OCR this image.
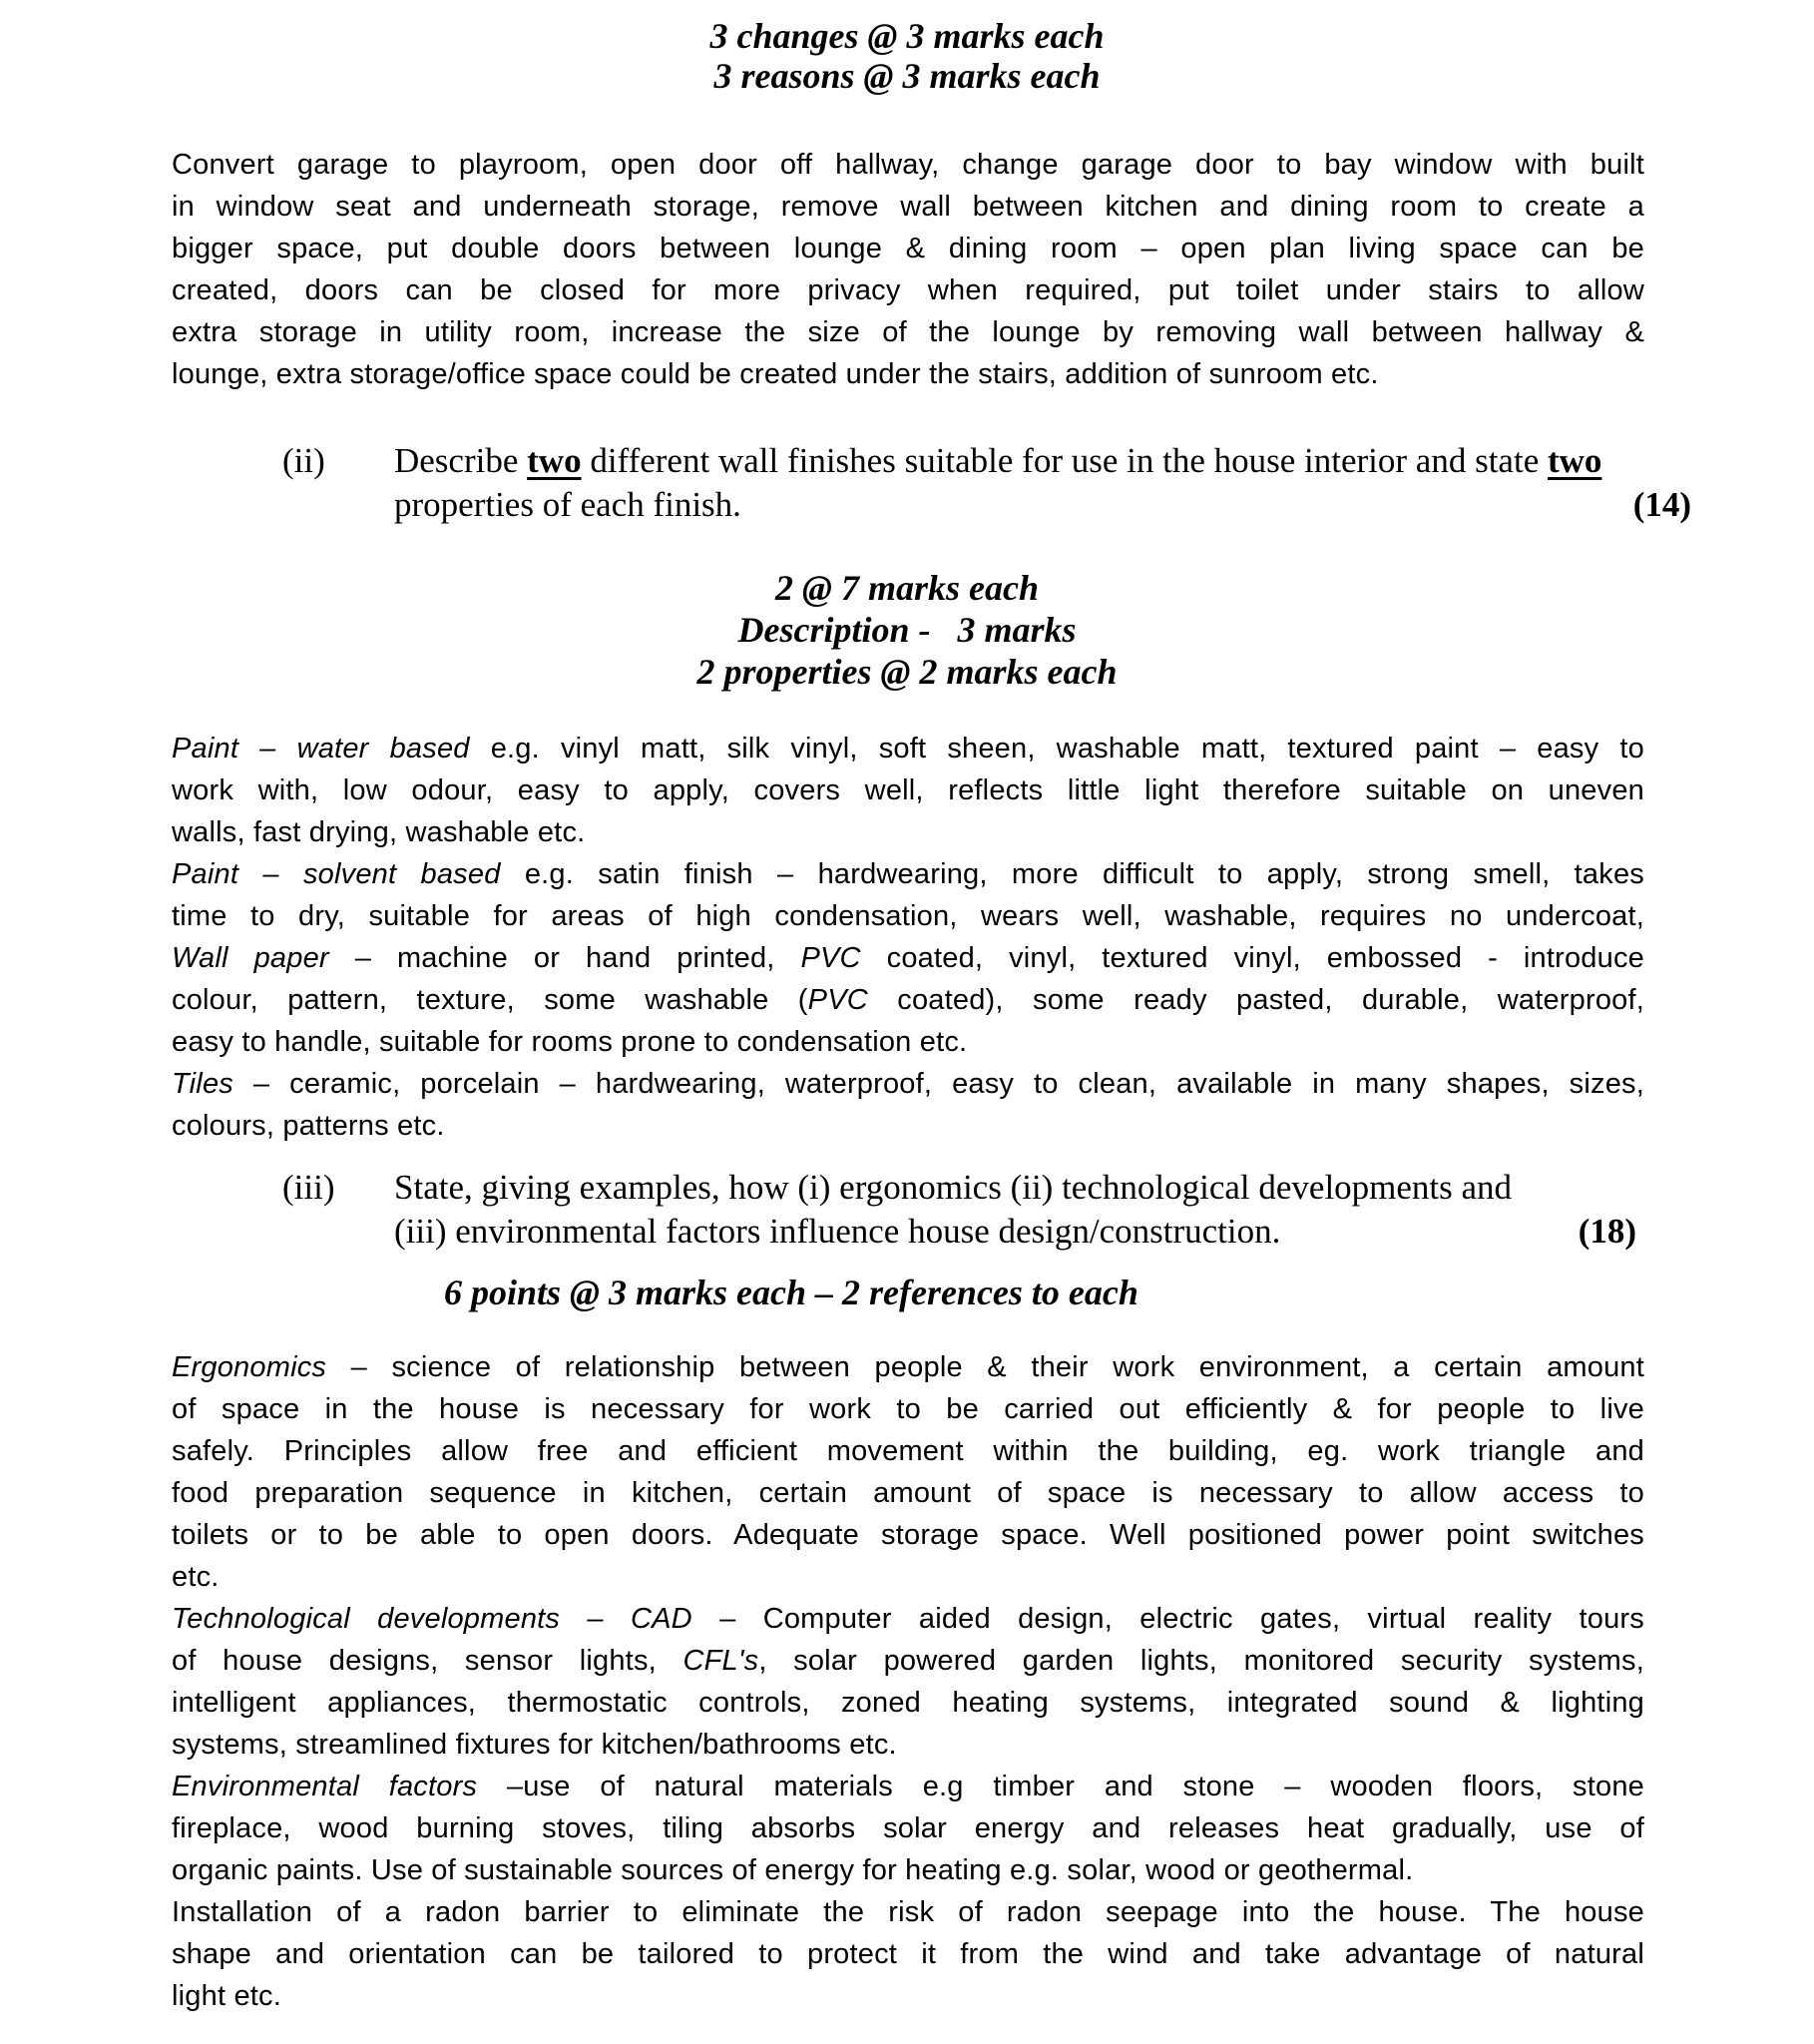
3 changes @ 3 marks each
3 reasons @ 3 marks each
Convert garage to playroom, open door off hallway, change garage door to bay window with built
in window seat and underneath storage, remove wall between kitchen and dining room to create a
bigger space, put double doors between lounge & dining room – open plan living space can be
created, doors can be closed for more privacy when required, put toilet under stairs to allow
extra storage in utility room, increase the size of the lounge by removing wall between hallway &
lounge, extra storage/office space could be created under the stairs, addition of sunroom etc.
(ii)	Describe two different wall finishes suitable for use in the house interior and state two
(14)
properties of each finish.
2 @ 7 marks each
Description -   3 marks
2 properties @ 2 marks each
Paint – water based e.g. vinyl matt, silk vinyl, soft sheen, washable matt, textured paint – easy to
work with, low odour, easy to apply, covers well, reflects little light therefore suitable on uneven
walls, fast drying, washable etc.
Paint – solvent based e.g. satin finish – hardwearing, more difficult to apply, strong smell, takes
time to dry, suitable for areas of high condensation, wears well, washable, requires no undercoat,
Wall paper – machine or hand printed, PVC coated, vinyl, textured vinyl, embossed - introduce
colour, pattern, texture, some washable (PVC coated), some ready pasted, durable, waterproof,
easy to handle, suitable for rooms prone to condensation etc.
Tiles – ceramic, porcelain – hardwearing, waterproof, easy to clean, available in many shapes, sizes,
colours, patterns etc.
(iii)	State, giving examples, how (i) ergonomics (ii) technological developments and
(18)
(iii) environmental factors influence house design/construction.
6 points @ 3 marks each – 2 references to each
Ergonomics – science of relationship between people & their work environment, a certain amount
of space in the house is necessary for work to be carried out efficiently & for people to live
safely. Principles allow free and efficient movement within the building, eg. work triangle and
food preparation sequence in kitchen, certain amount of space is necessary to allow access to
toilets or to be able to open doors. Adequate storage space. Well positioned power point switches
etc.
Technological developments – CAD – Computer aided design, electric gates, virtual reality tours
of house designs, sensor lights, CFL's, solar powered garden lights, monitored security systems,
intelligent appliances, thermostatic controls, zoned heating systems, integrated sound & lighting
systems, streamlined fixtures for kitchen/bathrooms etc.
Environmental factors –use of natural materials e.g timber and stone – wooden floors, stone
fireplace, wood burning stoves, tiling absorbs solar energy and releases heat gradually, use of
organic paints. Use of sustainable sources of energy for heating e.g. solar, wood or geothermal.
Installation of a radon barrier to eliminate the risk of radon seepage into the house. The house
shape and orientation can be tailored to protect it from the wind and take advantage of natural
light etc.
